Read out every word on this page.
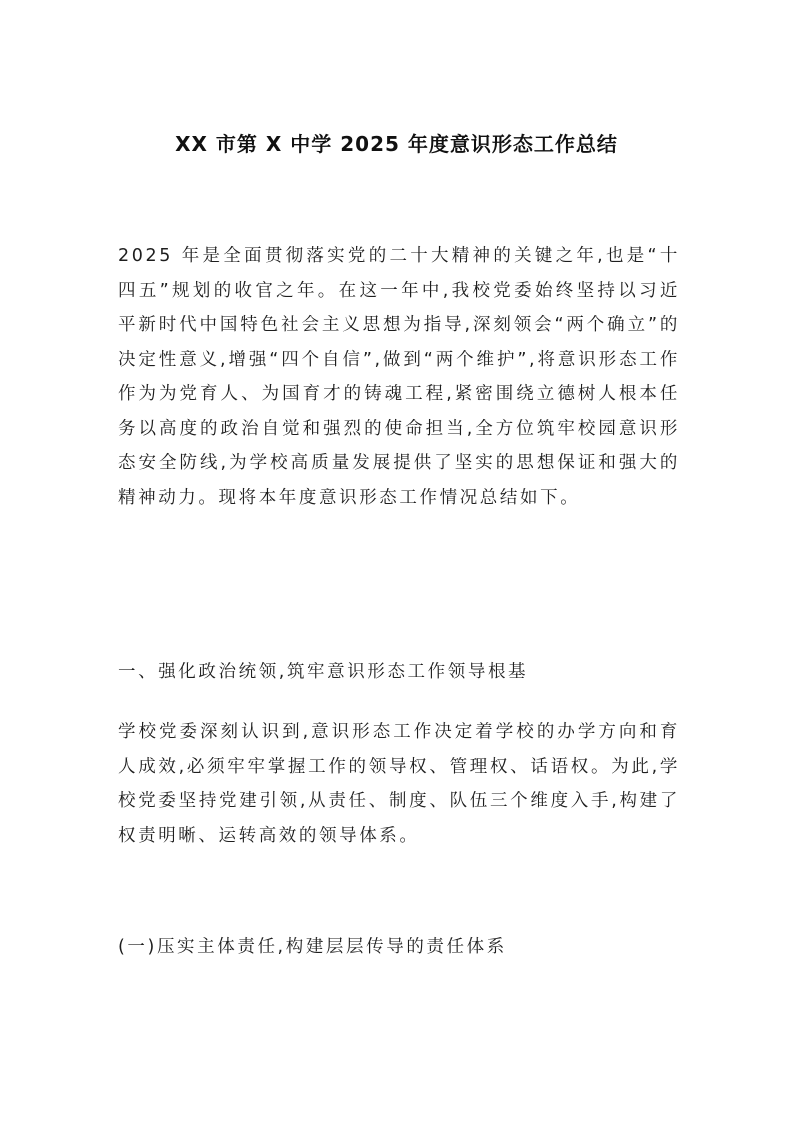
XX 市第 X 中学 2025 年度意识形态工作总结

2025 年是全面贯彻落实党的二十大精神的关键之年,也是“十四五”规划的收官之年。在这一年中,我校党委始终坚持以习近平新时代中国特色社会主义思想为指导,深刻领会“两个确立”的决定性意义,增强“四个自信”,做到“两个维护”,将意识形态工作作为为党育人、为国育才的铸魂工程,紧密围绕立德树人根本任务以高度的政治自觉和强烈的使命担当,全方位筑牢校园意识形态安全防线,为学校高质量发展提供了坚实的思想保证和强大的精神动力。现将本年度意识形态工作情况总结如下。

一、强化政治统领,筑牢意识形态工作领导根基

学校党委深刻认识到,意识形态工作决定着学校的办学方向和育人成效,必须牢牢掌握工作的领导权、管理权、话语权。为此,学校党委坚持党建引领,从责任、制度、队伍三个维度入手,构建了权责明晰、运转高效的领导体系。

(一)压实主体责任,构建层层传导的责任体系
